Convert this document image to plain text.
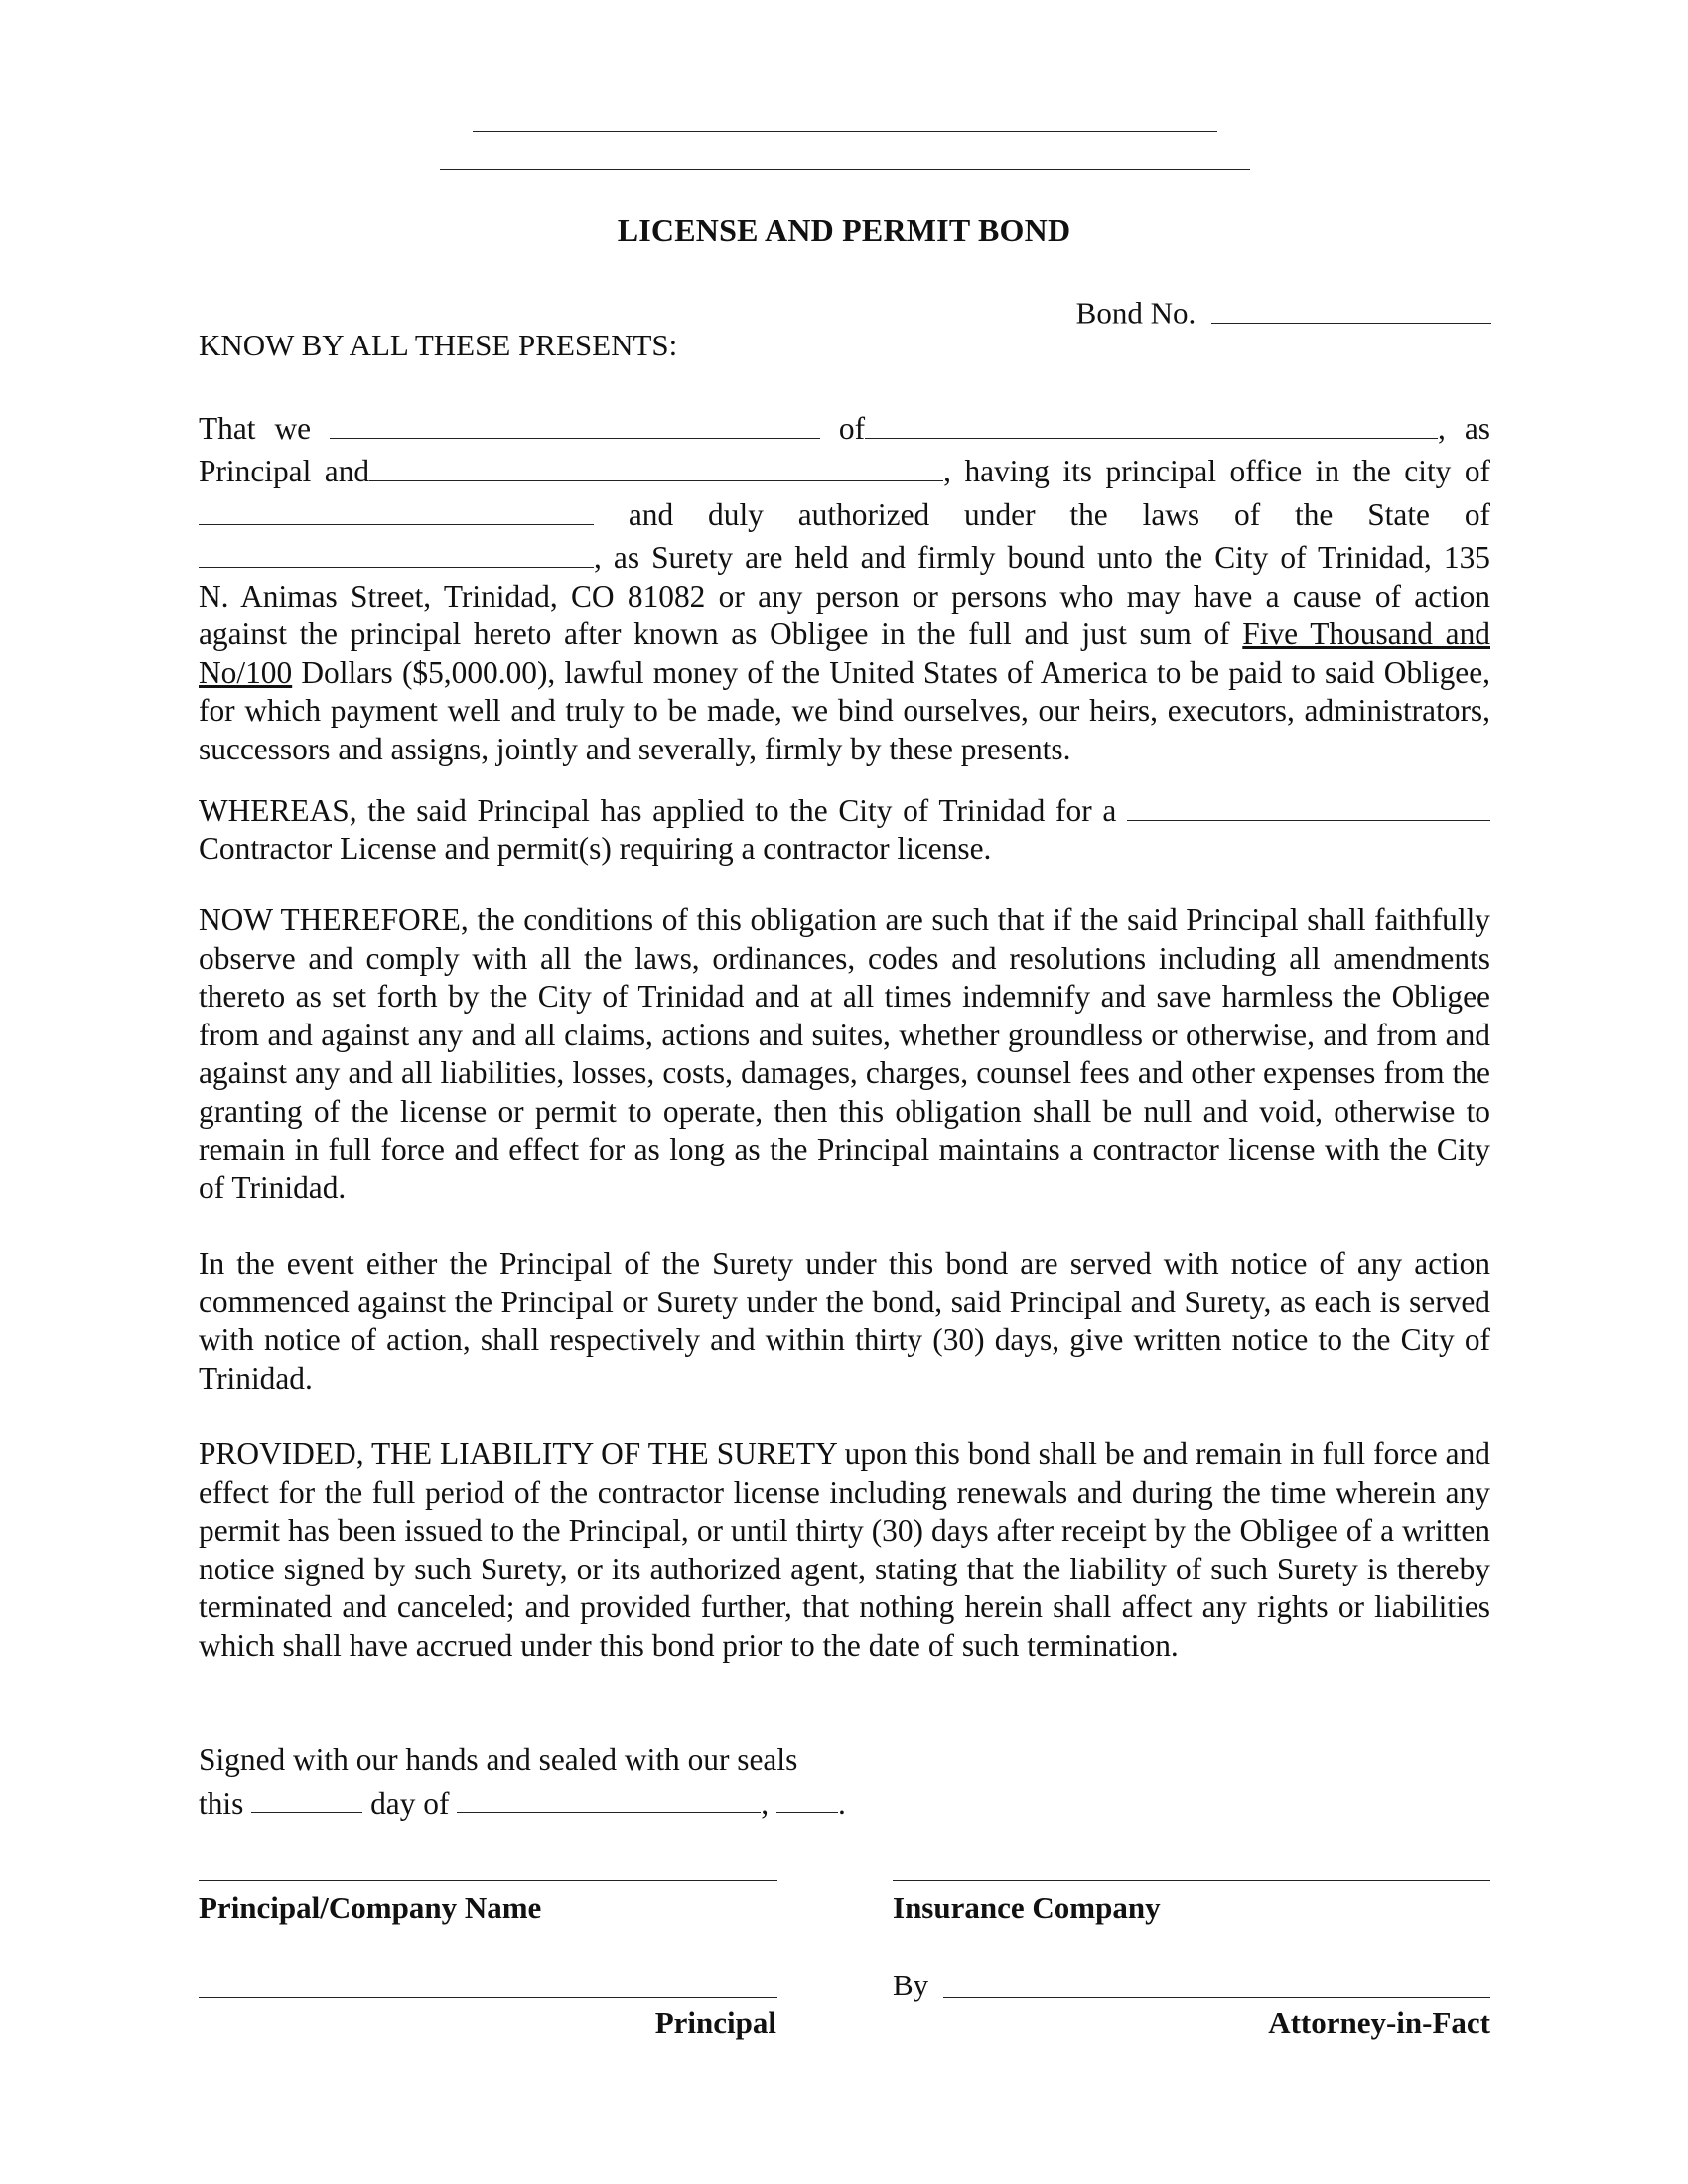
LICENSE AND PERMIT BOND
Bond No.
KNOW BY ALL THESE PRESENTS:

That we	of	, as

Principal and	, having its principal office in the city of

and duly authorized under the laws of the State of

, as Surety are held and firmly bound unto the City of Trinidad, 135

N. Animas Street, Trinidad, CO 81082 or any person or persons who may have a cause of action against the principal hereto after known as Obligee in the full and just sum of Five Thousand and No/100 Dollars ($5,000.00), lawful money of the United States of America to be paid to said Obligee, for which payment well and truly to be made, we bind ourselves, our heirs, executors, administrators, successors and assigns, jointly and severally, firmly by these presents.

WHEREAS, the said Principal has applied to the City of Trinidad for a

Contractor License and permit(s) requiring a contractor license.

NOW THEREFORE, the conditions of this obligation are such that if the said Principal shall faithfully observe and comply with all the laws, ordinances, codes and resolutions including all amendments thereto as set forth by the City of Trinidad and at all times indemnify and save harmless the Obligee from and against any and all claims, actions and suites, whether groundless or otherwise, and from and against any and all liabilities, losses, costs, damages, charges, counsel fees and other expenses from the granting of the license or permit to operate, then this obligation shall be null and void, otherwise to remain in full force and effect for as long as the Principal maintains a contractor license with the City of Trinidad.
In the event either the Principal of the Surety under this bond are served with notice of any action commenced against the Principal or Surety under the bond, said Principal and Surety, as each is served with notice of action, shall respectively and within thirty (30) days, give written notice to the City of Trinidad.
PROVIDED, THE LIABILITY OF THE SURETY upon this bond shall be and remain in full force and effect for the full period of the contractor license including renewals and during the time wherein any permit has been issued to the Principal, or until thirty (30) days after receipt by the Obligee of a written notice signed by such Surety, or its authorized agent, stating that the liability of such Surety is thereby terminated and canceled; and provided further, that nothing herein shall affect any rights or liabilities which shall have accrued under this bond prior to the date of such termination.

Signed with our hands and sealed with our seals

this	day of	, .

Principal/Company Name	Insurance Company
By
Principal	Attorney-in-Fact
